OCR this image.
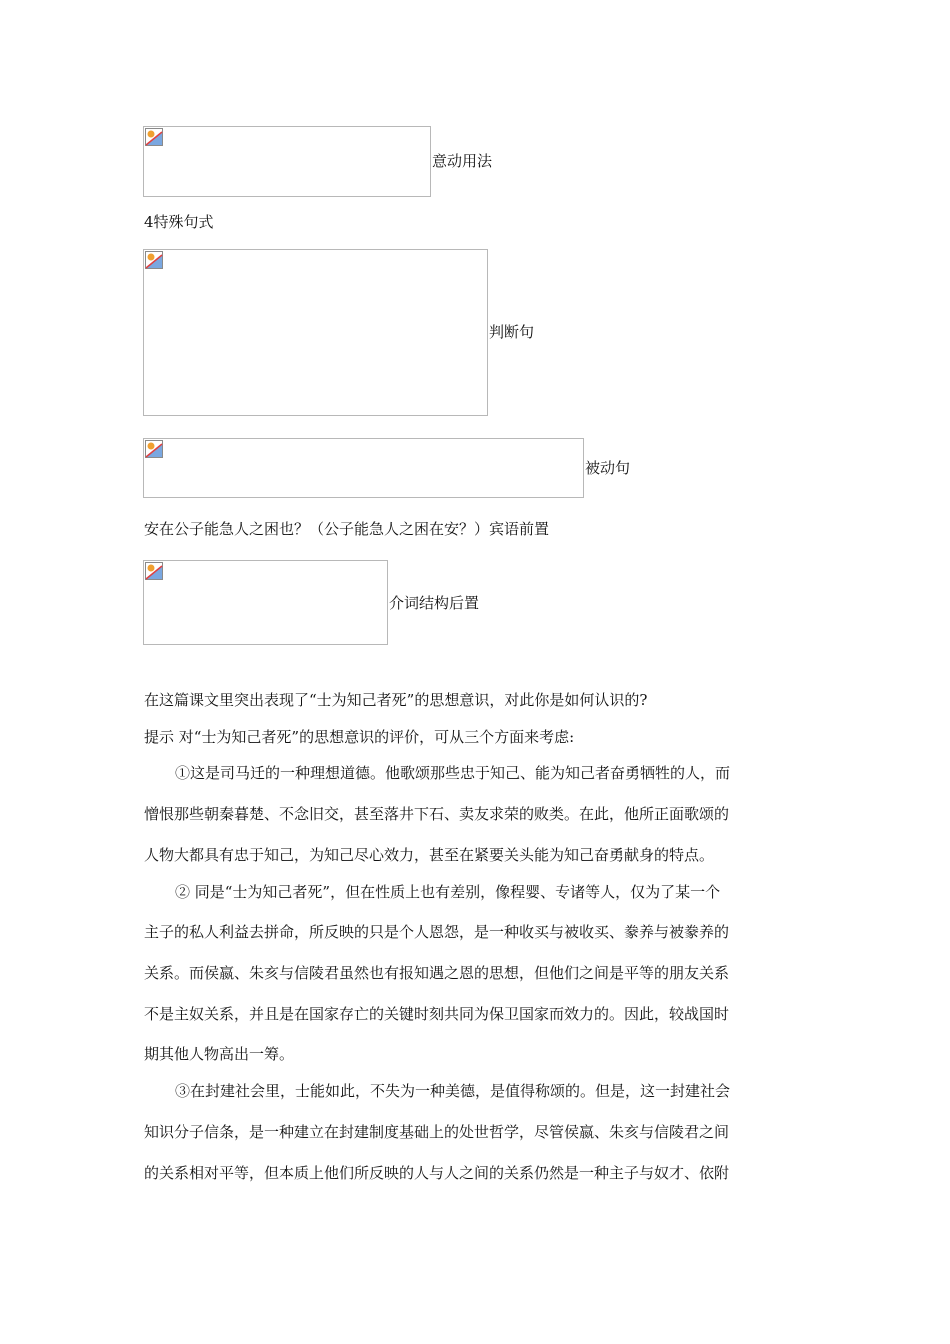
意动用法
4特殊句式
判断句
被动句
安在公子能急人之困也？（公子能急人之困在安？）宾语前置
介词结构后置
在这篇课文里突出表现了“士为知己者死”的思想意识，对此你是如何认识的?
提示 对“士为知己者死”的思想意识的评价，可从三个方面来考虑:
①这是司马迁的一种理想道德。他歌颂那些忠于知己、能为知己者奋勇牺牲的人，而
憎恨那些朝秦暮楚、不念旧交，甚至落井下石、卖友求荣的败类。在此，他所正面歌颂的
人物大都具有忠于知己，为知己尽心效力，甚至在紧要关头能为知己奋勇献身的特点。
② 同是“士为知己者死”，但在性质上也有差别，像程婴、专诸等人，仅为了某一个
主子的私人利益去拼命，所反映的只是个人恩怨，是一种收买与被收买、豢养与被豢养的
关系。而侯嬴、朱亥与信陵君虽然也有报知遇之恩的思想，但他们之间是平等的朋友关系
不是主奴关系，并且是在国家存亡的关键时刻共同为保卫国家而效力的。因此，较战国时
期其他人物高出一筹。
③在封建社会里，士能如此，不失为一种美德，是值得称颂的。但是，这一封建社会
知识分子信条，是一种建立在封建制度基础上的处世哲学，尽管侯嬴、朱亥与信陵君之间
的关系相对平等，但本质上他们所反映的人与人之间的关系仍然是一种主子与奴才、依附
